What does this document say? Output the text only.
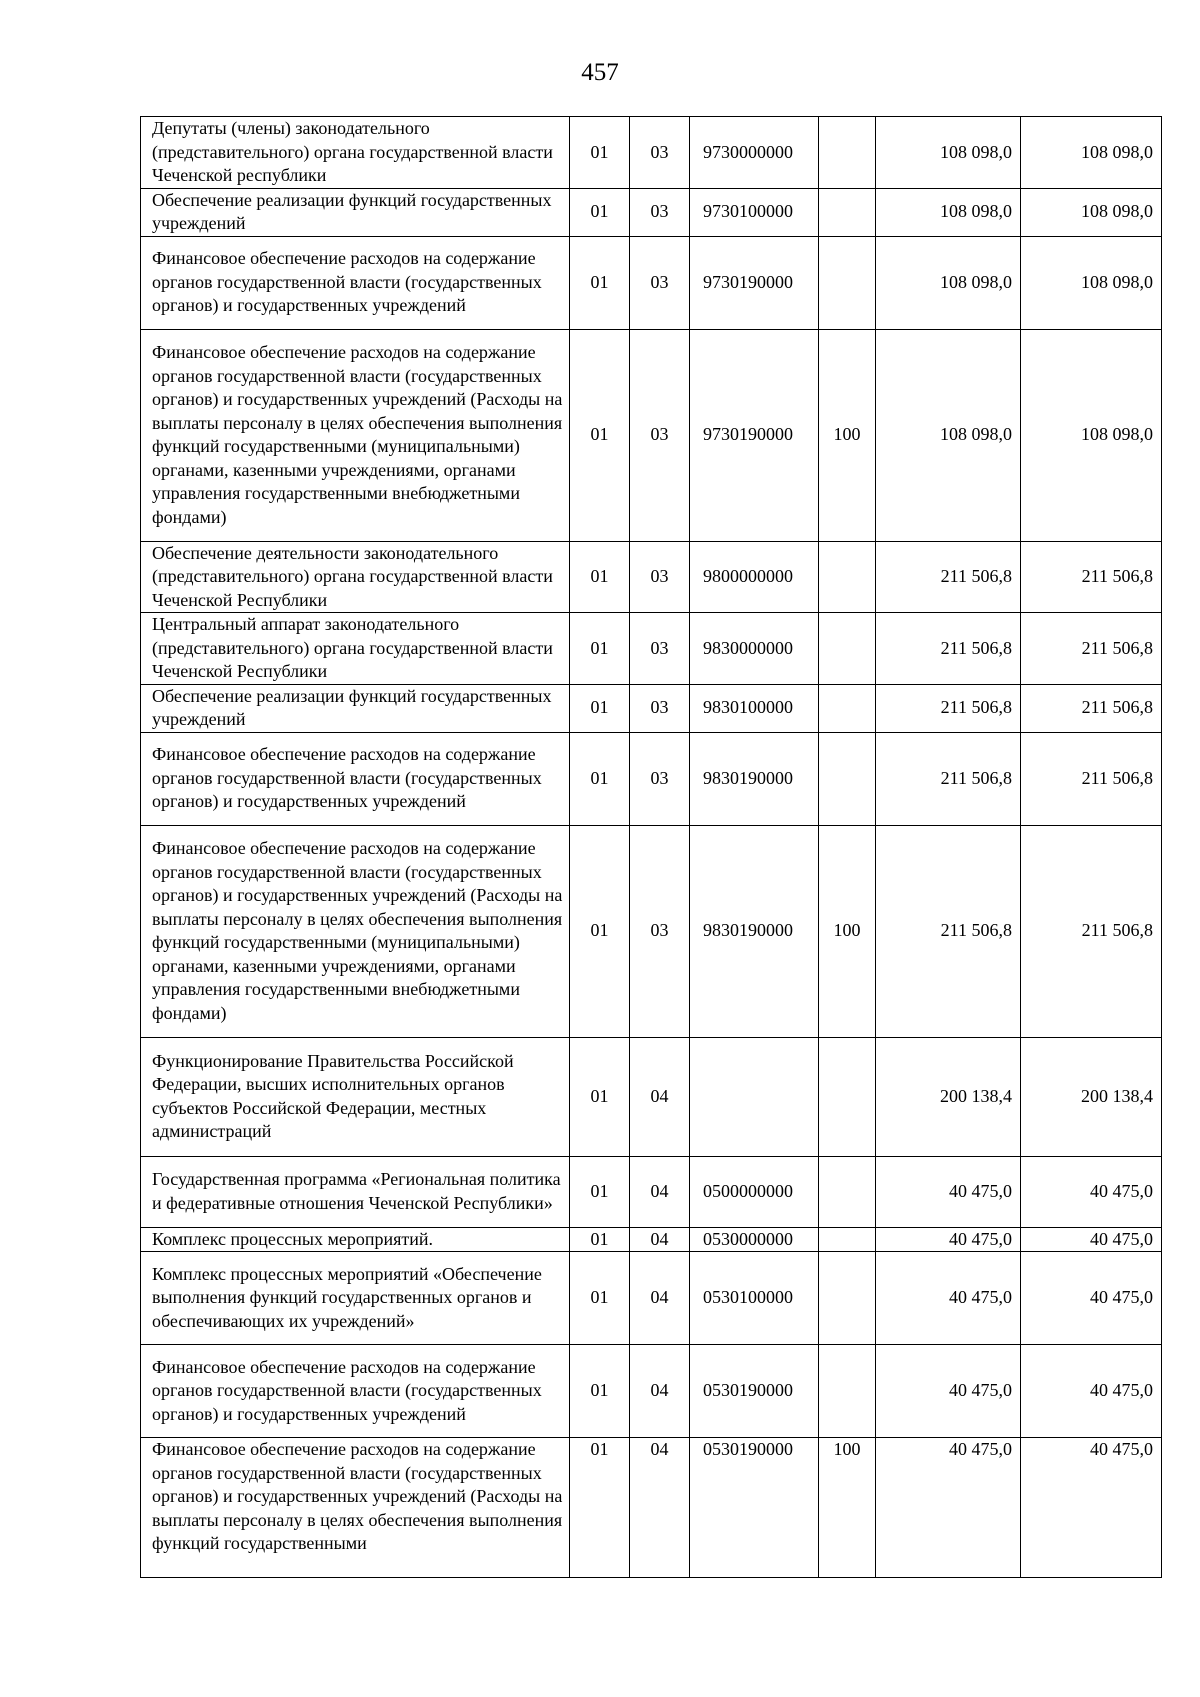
457
Депутаты (члены) законодательного (представительного) органа государственной власти Чеченской республики	01	03	9730000000		108 098,0	108 098,0
Обеспечение реализации функций государственных учреждений	01	03	9730100000		108 098,0	108 098,0
Финансовое обеспечение расходов на содержание органов государственной власти (государственных органов) и государственных учреждений	01	03	9730190000		108 098,0	108 098,0
Финансовое обеспечение расходов на содержание органов государственной власти (государственных органов) и государственных учреждений (Расходы на выплаты персоналу в целях обеспечения выполнения функций государственными (муниципальными) органами, казенными учреждениями, органами управления государственными внебюджетными фондами)	01	03	9730190000	100	108 098,0	108 098,0
Обеспечение деятельности законодательного (представительного) органа государственной власти Чеченской Республики	01	03	9800000000		211 506,8	211 506,8
Центральный аппарат законодательного (представительного) органа государственной власти Чеченской Республики	01	03	9830000000		211 506,8	211 506,8
Обеспечение реализации функций государственных учреждений	01	03	9830100000		211 506,8	211 506,8
Финансовое обеспечение расходов на содержание органов государственной власти (государственных органов) и государственных учреждений	01	03	9830190000		211 506,8	211 506,8
Финансовое обеспечение расходов на содержание органов государственной власти (государственных органов) и государственных учреждений (Расходы на выплаты персоналу в целях обеспечения выполнения функций государственными (муниципальными) органами, казенными учреждениями, органами управления государственными внебюджетными фондами)	01	03	9830190000	100	211 506,8	211 506,8
Функционирование Правительства Российской Федерации, высших исполнительных органов субъектов Российской Федерации, местных администраций	01	04			200 138,4	200 138,4
Государственная программа «Региональная политика и федеративные отношения Чеченской Республики»	01	04	0500000000		40 475,0	40 475,0
Комплекс процессных мероприятий.	01	04	0530000000		40 475,0	40 475,0
Комплекс процессных мероприятий «Обеспечение выполнения функций государственных органов и обеспечивающих их учреждений»	01	04	0530100000		40 475,0	40 475,0
Финансовое обеспечение расходов на содержание органов государственной власти (государственных органов) и государственных учреждений	01	04	0530190000		40 475,0	40 475,0
Финансовое обеспечение расходов на содержание органов государственной власти (государственных органов) и государственных учреждений (Расходы на выплаты персоналу в целях обеспечения выполнения функций государственными	01	04	0530190000	100	40 475,0	40 475,0
